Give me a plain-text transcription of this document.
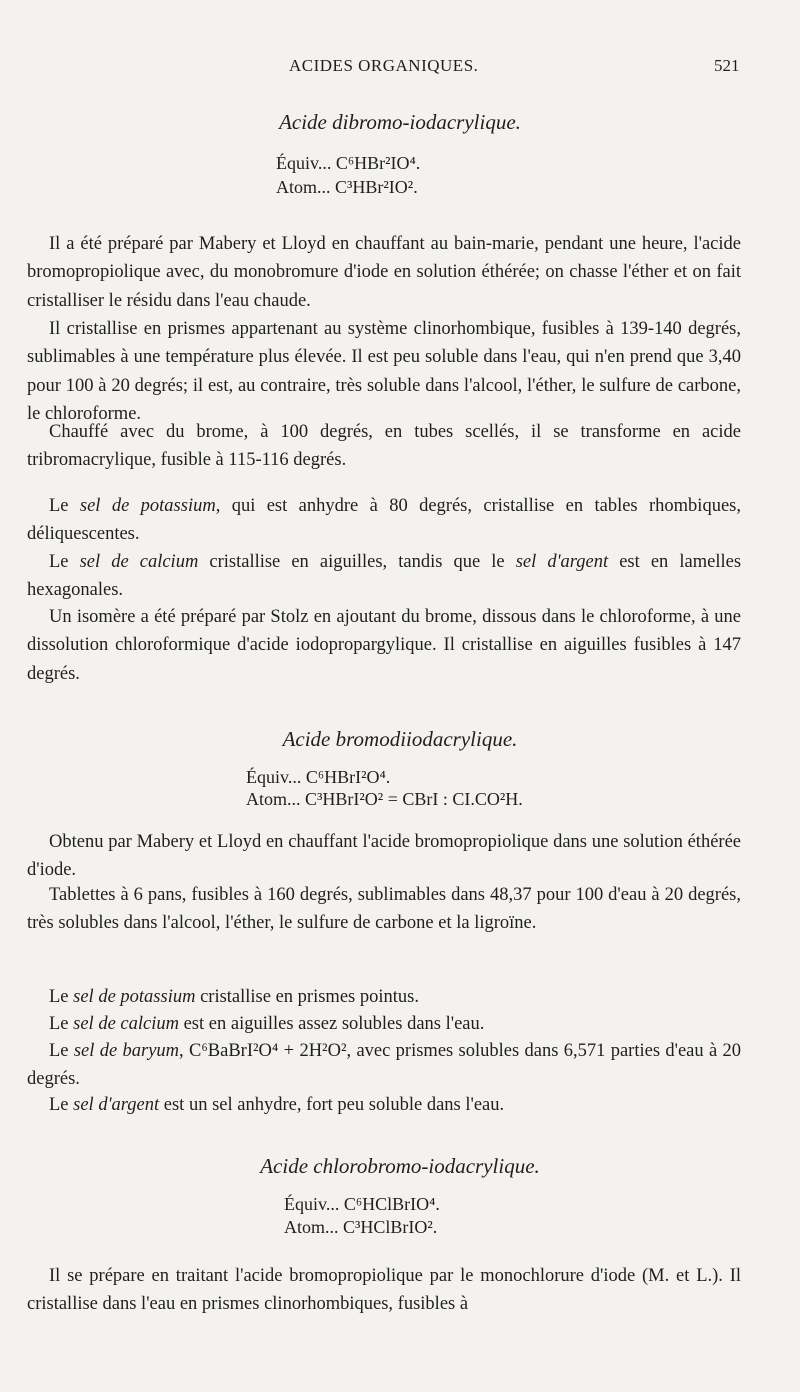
ACIDES ORGANIQUES.	521
Acide dibromo-iodacrylique.
Équiv... C⁶HBr²IO⁴.
Atom... C³HBr²IO².
Il a été préparé par Mabery et Lloyd en chauffant au bain-marie, pendant une heure, l'acide bromopropiolique avec, du monobromure d'iode en solution éthérée; on chasse l'éther et on fait cristalliser le résidu dans l'eau chaude.
Il cristallise en prismes appartenant au système clinorhombique, fusibles à 139-140 degrés, sublimables à une température plus élevée. Il est peu soluble dans l'eau, qui n'en prend que 3,40 pour 100 à 20 degrés; il est, au contraire, très soluble dans l'alcool, l'éther, le sulfure de carbone, le chloroforme.
Chauffé avec du brome, à 100 degrés, en tubes scellés, il se transforme en acide tribromacrylique, fusible à 115-116 degrés.
Le sel de potassium, qui est anhydre à 80 degrés, cristallise en tables rhombiques, déliquescentes.
Le sel de calcium cristallise en aiguilles, tandis que le sel d'argent est en lamelles hexagonales.
Un isomère a été préparé par Stolz en ajoutant du brome, dissous dans le chloroforme, à une dissolution chloroformique d'acide iodopropargylique. Il cristallise en aiguilles fusibles à 147 degrés.
Acide bromodiiodacrylique.
Équiv... C⁶HBrI²O⁴.
Atom... C³HBrI²O² = CBrI : CI.CO²H.
Obtenu par Mabery et Lloyd en chauffant l'acide bromopropiolique dans une solution éthérée d'iode.
Tablettes à 6 pans, fusibles à 160 degrés, sublimables dans 48,37 pour 100 d'eau à 20 degrés, très solubles dans l'alcool, l'éther, le sulfure de carbone et la ligroïne.
Le sel de potassium cristallise en prismes pointus.
Le sel de calcium est en aiguilles assez solubles dans l'eau.
Le sel de baryum, C⁶BaBrI²O⁴ + 2H²O², avec prismes solubles dans 6,571 parties d'eau à 20 degrés.
Le sel d'argent est un sel anhydre, fort peu soluble dans l'eau.
Acide chlorobromo-iodacrylique.
Équiv... C⁶HClBrIO⁴.
Atom... C³HClBrIO².
Il se prépare en traitant l'acide bromopropiolique par le monochlorure d'iode (M. et L.). Il cristallise dans l'eau en prismes clinorhombiques, fusibles à
